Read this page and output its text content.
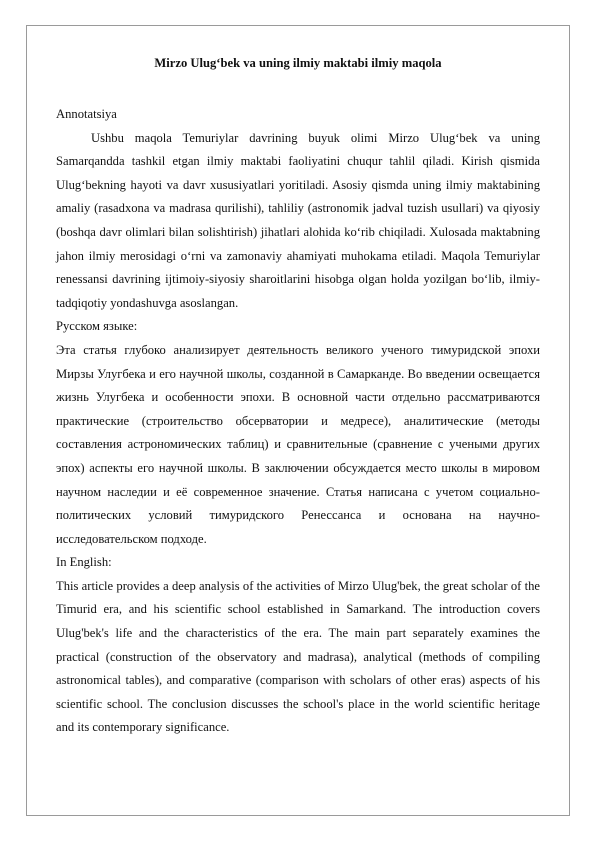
Mirzo Ulug‘bek va uning ilmiy maktabi ilmiy maqola

Annotatsiya

Ushbu maqola Temuriylar davrining buyuk olimi Mirzo Ulug‘bek va uning Samarqandda tashkil etgan ilmiy maktabi faoliyatini chuqur tahlil qiladi. Kirish qismida Ulug‘bekning hayoti va davr xususiyatlari yoritiladi. Asosiy qismda uning ilmiy maktabining amaliy (rasadxona va madrasa qurilishi), tahliliy (astronomik jadval tuzish usullari) va qiyosiy (boshqa davr olimlari bilan solishtirish) jihatlari alohida ko‘rib chiqiladi. Xulosada maktabning jahon ilmiy merosidagi o‘rni va zamonaviy ahamiyati muhokama etiladi. Maqola Temuriylar renessansi davrining ijtimoiy-siyosiy sharoitlarini hisobga olgan holda yozilgan bo‘lib, ilmiy-tadqiqotiy yondashuvga asoslangan.

Русском языке:

Эта статья глубоко анализирует деятельность великого ученого тимуридской эпохи Мирзы Улугбека и его научной школы, созданной в Самарканде. Во введении освещается жизнь Улугбека и особенности эпохи. В основной части отдельно рассматриваются практические (строительство обсерватории и медресе), аналитические (методы составления астрономических таблиц) и сравнительные (сравнение с учеными других эпох) аспекты его научной школы. В заключении обсуждается место школы в мировом научном наследии и её современное значение. Статья написана с учетом социально-политических условий тимуридского Ренессанса и основана на научно-исследовательском подходе.

In English:

This article provides a deep analysis of the activities of Mirzo Ulug'bek, the great scholar of the Timurid era, and his scientific school established in Samarkand. The introduction covers Ulug'bek's life and the characteristics of the era. The main part separately examines the practical (construction of the observatory and madrasa), analytical (methods of compiling astronomical tables), and comparative (comparison with scholars of other eras) aspects of his scientific school. The conclusion discusses the school's place in the world scientific heritage and its contemporary significance.
